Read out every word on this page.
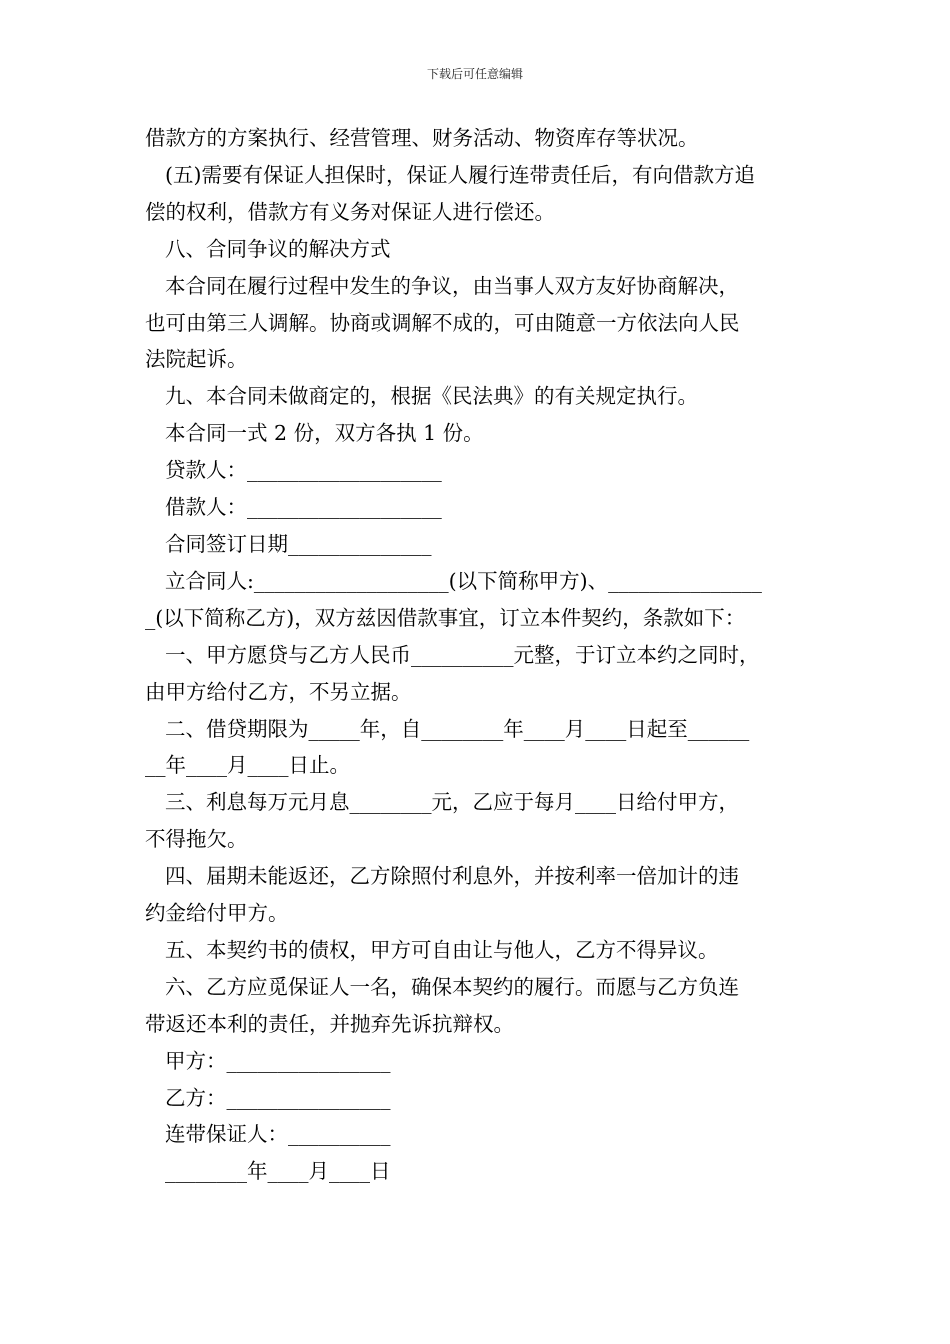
下载后可任意编辑

借款方的方案执行、经营管理、财务活动、物资库存等状况。

(五)需要有保证人担保时，保证人履行连带责任后，有向借款方追

偿的权利，借款方有义务对保证人进行偿还。

八、合同争议的解决方式

本合同在履行过程中发生的争议，由当事人双方友好协商解决，

也可由第三人调解。协商或调解不成的，可由随意一方依法向人民

法院起诉。

九、本合同未做商定的，根据《民法典》的有关规定执行。

本合同一式 2 份，双方各执 1 份。

贷款人：___________________

借款人：___________________

合同签订日期______________

立合同人:___________________(以下简称甲方)、_______________

_(以下简称乙方)，双方兹因借款事宜，订立本件契约，条款如下：

一、甲方愿贷与乙方人民币__________元整，于订立本约之同时，

由甲方给付乙方，不另立据。

二、借贷期限为_____年，自________年____月____日起至______

__年____月____日止。

三、利息每万元月息________元，乙应于每月____日给付甲方，

不得拖欠。

四、届期未能返还，乙方除照付利息外，并按利率一倍加计的违

约金给付甲方。

五、本契约书的债权，甲方可自由让与他人，乙方不得异议。

六、乙方应觅保证人一名，确保本契约的履行。而愿与乙方负连

带返还本利的责任，并抛弃先诉抗辩权。

甲方：________________

乙方：________________

连带保证人：__________

________年____月____日
